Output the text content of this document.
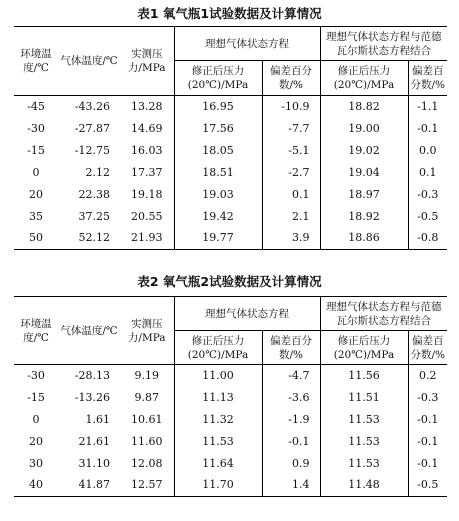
表1 氧气瓶1试验数据及计算情况
环境温度/℃	气体温度/℃	实测压力/MPa	理想气体状态方程		理想气体状态方程与范德瓦尔斯状态方程结合	
			修正后压力(20℃)/MPa	偏差百分数/%	修正后压力(20℃)/MPa	偏差百分数/%
-45	-43.26	13.28	16.95	-10.9	18.82	-1.1
-30	-27.87	14.69	17.56	-7.7	19.00	-0.1
-15	-12.75	16.03	18.05	-5.1	19.02	0.0
0	2.12	17.37	18.51	-2.7	19.04	0.1
20	22.38	19.18	19.03	0.1	18.97	-0.3
35	37.25	20.55	19.42	2.1	18.92	-0.5
50	52.12	21.93	19.77	3.9	18.86	-0.8
表2 氧气瓶2试验数据及计算情况
环境温度/℃	气体温度/℃	实测压力/MPa	理想气体状态方程		理想气体状态方程与范德瓦尔斯状态方程结合	
			修正后压力(20℃)/MPa	偏差百分数/%	修正后压力(20℃)/MPa	偏差百分数/%
-30	-28.13	9.19	11.00	-4.7	11.56	0.2
-15	-13.26	9.87	11.13	-3.6	11.51	-0.3
0	1.61	10.61	11.32	-1.9	11.53	-0.1
20	21.61	11.60	11.53	-0.1	11.53	-0.1
30	31.10	12.08	11.64	0.9	11.53	-0.1
40	41.87	12.57	11.70	1.4	11.48	-0.5
